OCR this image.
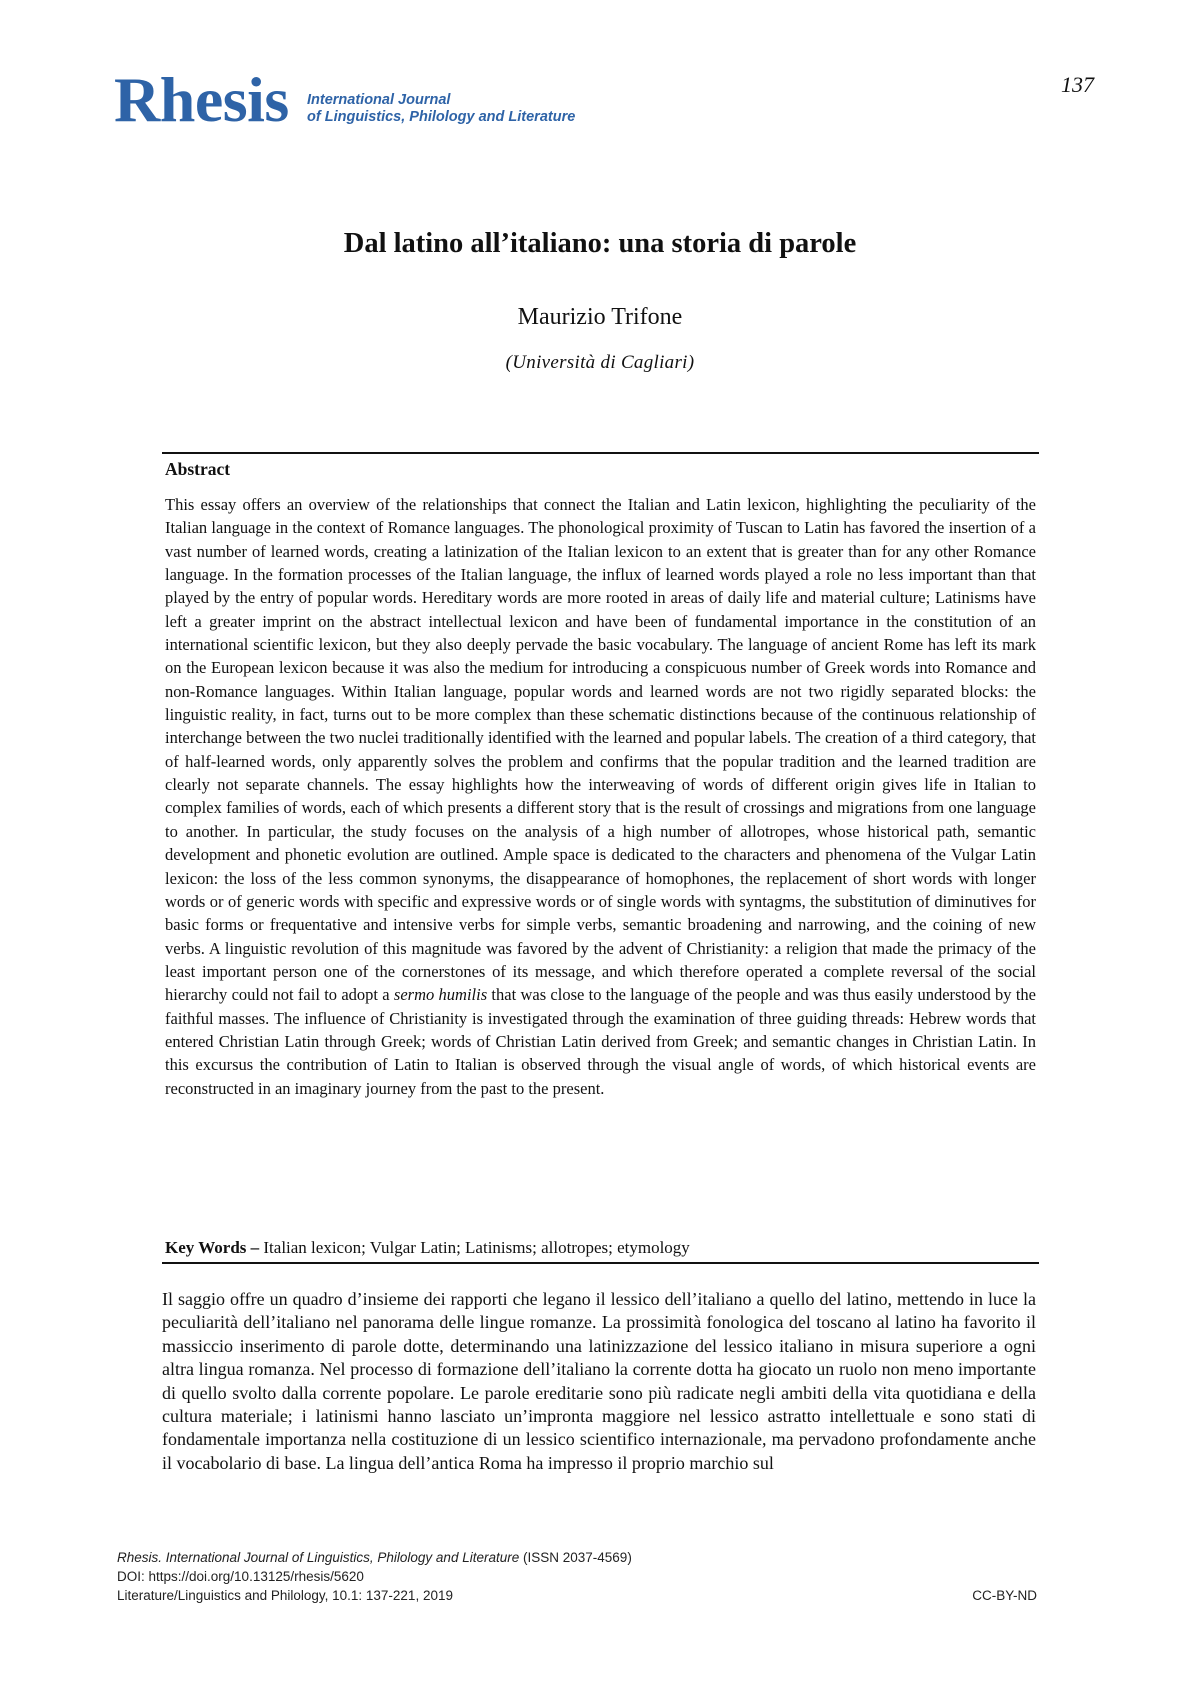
Rhesis International Journal
of Linguistics, Philology and Literature
137
Dal latino all’italiano: una storia di parole
Maurizio Trifone
(Università di Cagliari)
Abstract
This essay offers an overview of the relationships that connect the Italian and Latin lexicon, highlighting the peculiarity of the Italian language in the context of Romance languages. The phonological proximity of Tuscan to Latin has favored the insertion of a vast number of learned words, creating a latinization of the Italian lexicon to an extent that is greater than for any other Romance language. In the formation processes of the Italian language, the influx of learned words played a role no less important than that played by the entry of popular words. Hereditary words are more rooted in areas of daily life and material culture; Latinisms have left a greater imprint on the abstract intellectual lexicon and have been of fundamental importance in the constitution of an international scientific lexicon, but they also deeply pervade the basic vocabulary. The language of ancient Rome has left its mark on the European lexicon because it was also the medium for introducing a conspicuous number of Greek words into Romance and non-Romance languages. Within Italian language, popular words and learned words are not two rigidly separated blocks: the linguistic reality, in fact, turns out to be more complex than these schematic distinctions because of the continuous relationship of interchange between the two nuclei traditionally identified with the learned and popular labels. The creation of a third category, that of half-learned words, only apparently solves the problem and confirms that the popular tradition and the learned tradition are clearly not separate channels. The essay highlights how the interweaving of words of different origin gives life in Italian to complex families of words, each of which presents a different story that is the result of crossings and migrations from one language to another. In particular, the study focuses on the analysis of a high number of allotropes, whose historical path, semantic development and phonetic evolution are outlined. Ample space is dedicated to the characters and phenomena of the Vulgar Latin lexicon: the loss of the less common synonyms, the disappearance of homophones, the replacement of short words with longer words or of generic words with specific and expressive words or of single words with syntagms, the substitution of diminutives for basic forms or frequentative and intensive verbs for simple verbs, semantic broadening and narrowing, and the coining of new verbs. A linguistic revolution of this magnitude was favored by the advent of Christianity: a religion that made the primacy of the least important person one of the cornerstones of its message, and which therefore operated a complete reversal of the social hierarchy could not fail to adopt a sermo humilis that was close to the language of the people and was thus easily understood by the faithful masses. The influence of Christianity is investigated through the examination of three guiding threads: Hebrew words that entered Christian Latin through Greek; words of Christian Latin derived from Greek; and semantic changes in Christian Latin. In this excursus the contribution of Latin to Italian is observed through the visual angle of words, of which historical events are reconstructed in an imaginary journey from the past to the present.
Key Words – Italian lexicon; Vulgar Latin; Latinisms; allotropes; etymology
Il saggio offre un quadro d’insieme dei rapporti che legano il lessico dell’italiano a quello del latino, mettendo in luce la peculiarità dell’italiano nel panorama delle lingue romanze. La prossimità fonologica del toscano al latino ha favorito il massiccio inserimento di parole dotte, determinando una latinizzazione del lessico italiano in misura superiore a ogni altra lingua romanza. Nel processo di formazione dell’italiano la corrente dotta ha giocato un ruolo non meno importante di quello svolto dalla corrente popolare. Le parole ereditarie sono più radicate negli ambiti della vita quotidiana e della cultura materiale; i latinismi hanno lasciato un’impronta maggiore nel lessico astratto intellettuale e sono stati di fondamentale importanza nella costituzione di un lessico scientifico internazionale, ma pervadono profondamente anche il vocabolario di base. La lingua dell’antica Roma ha impresso il proprio marchio sul
Rhesis. International Journal of Linguistics, Philology and Literature (ISSN 2037-4569)
DOI: https://doi.org/10.13125/rhesis/5620
Literature/Linguistics and Philology, 10.1: 137-221, 2019	CC-BY-ND
